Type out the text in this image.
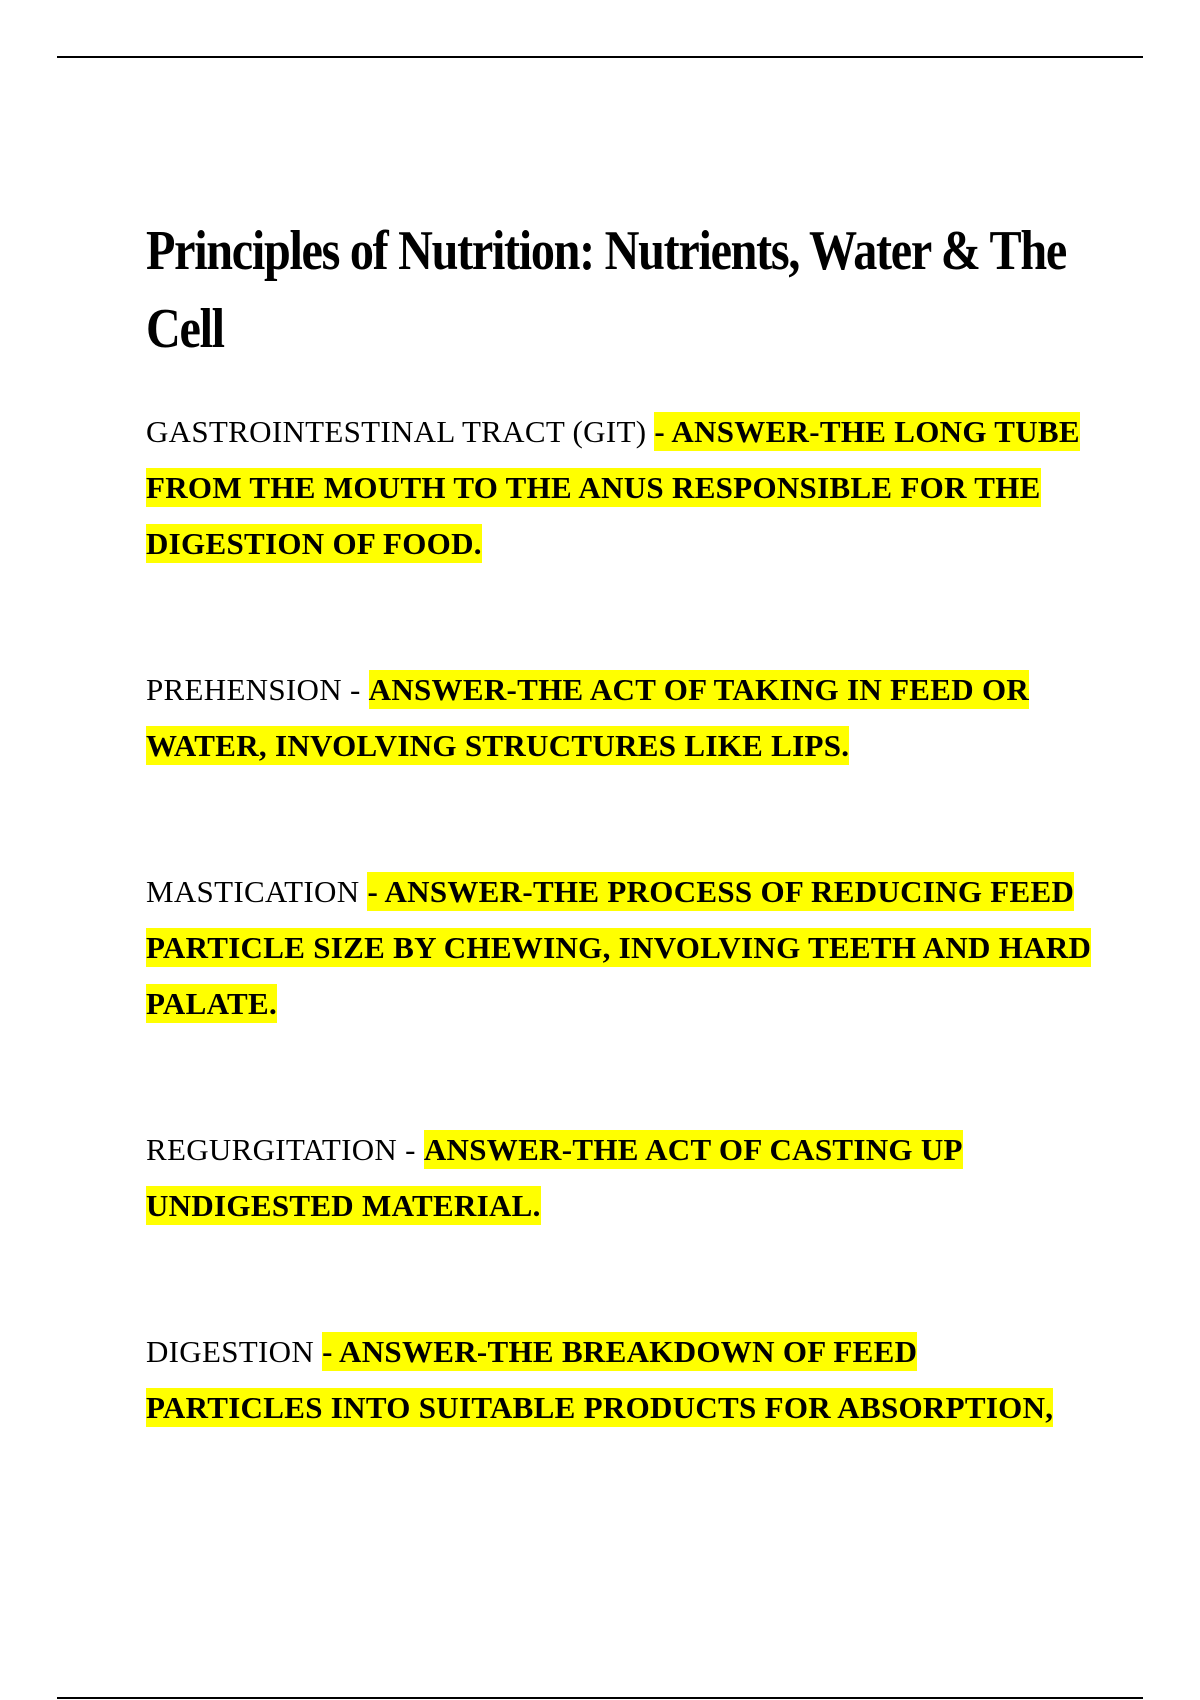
Principles of Nutrition: Nutrients, Water & The Cell

GASTROINTESTINAL TRACT (GIT) - ANSWER-THE LONG TUBE FROM THE MOUTH TO THE ANUS RESPONSIBLE FOR THE DIGESTION OF FOOD.

PREHENSION - ANSWER-THE ACT OF TAKING IN FEED OR WATER, INVOLVING STRUCTURES LIKE LIPS.

MASTICATION - ANSWER-THE PROCESS OF REDUCING FEED PARTICLE SIZE BY CHEWING, INVOLVING TEETH AND HARD PALATE.

REGURGITATION - ANSWER-THE ACT OF CASTING UP UNDIGESTED MATERIAL.

DIGESTION - ANSWER-THE BREAKDOWN OF FEED PARTICLES INTO SUITABLE PRODUCTS FOR ABSORPTION,
